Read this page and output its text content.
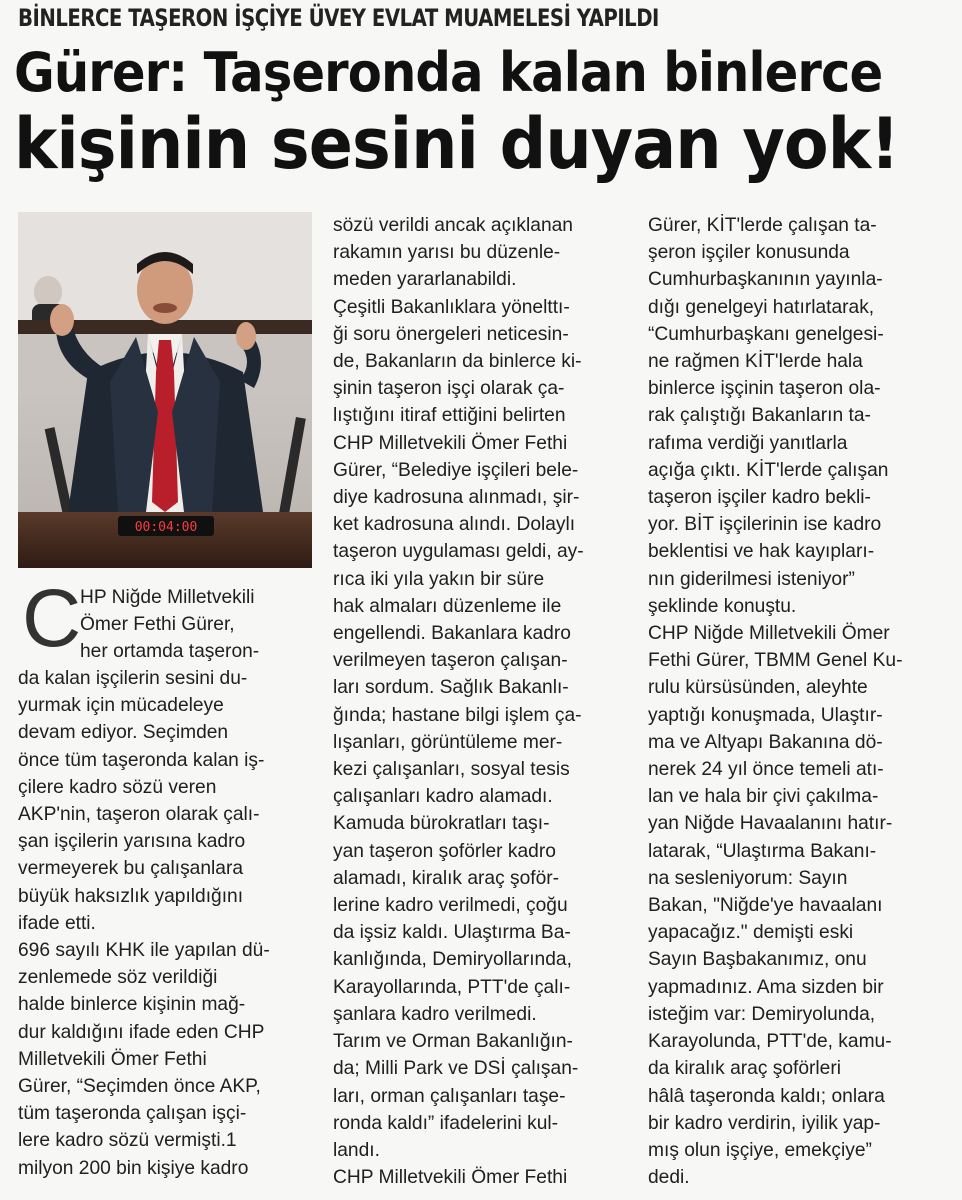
BİNLERCE TAŞERON İŞÇİYE ÜVEY EVLAT MUAMELESİ YAPILDI
Gürer: Taşeronda kalan binlerce
kişinin sesini duyan yok!
00:04:00
C
HP Niğde Milletvekili
Ömer Fethi Gürer,
her ortamda taşeron-
da kalan işçilerin sesini du-
yurmak için mücadeleye
devam ediyor. Seçimden
önce tüm taşeronda kalan iş-
çilere kadro sözü veren
AKP'nin, taşeron olarak çalı-
şan işçilerin yarısına kadro
vermeyerek bu çalışanlara
büyük haksızlık yapıldığını
ifade etti.
696 sayılı KHK ile yapılan dü-
zenlemede söz verildiği
halde binlerce kişinin mağ-
dur kaldığını ifade eden CHP
Milletvekili Ömer Fethi
Gürer, “Seçimden önce AKP,
tüm taşeronda çalışan işçi-
lere kadro sözü vermişti.1
milyon 200 bin kişiye kadro
sözü verildi ancak açıklanan
rakamın yarısı bu düzenle-
meden yararlanabildi.
Çeşitli Bakanlıklara yönelttı-
ği soru önergeleri neticesin-
de, Bakanların da binlerce ki-
şinin taşeron işçi olarak ça-
lıştığını itiraf ettiğini belirten
CHP Milletvekili Ömer Fethi
Gürer, “Belediye işçileri bele-
diye kadrosuna alınmadı, şir-
ket kadrosuna alındı. Dolaylı
taşeron uygulaması geldi, ay-
rıca iki yıla yakın bir süre
hak almaları düzenleme ile
engellendi. Bakanlara kadro
verilmeyen taşeron çalışan-
ları sordum. Sağlık Bakanlı-
ğında; hastane bilgi işlem ça-
lışanları, görüntüleme mer-
kezi çalışanları, sosyal tesis
çalışanları kadro alamadı.
Kamuda bürokratları taşı-
yan taşeron şoförler kadro
alamadı, kiralık araç şoför-
lerine kadro verilmedi, çoğu
da işsiz kaldı. Ulaştırma Ba-
kanlığında, Demiryollarında,
Karayollarında, PTT'de çalı-
şanlara kadro verilmedi.
Tarım ve Orman Bakanlığın-
da; Milli Park ve DSİ çalışan-
ları, orman çalışanları taşe-
ronda kaldı” ifadelerini kul-
landı.
CHP Milletvekili Ömer Fethi
Gürer, KİT'lerde çalışan ta-
şeron işçiler konusunda
Cumhurbaşkanının yayınla-
dığı genelgeyi hatırlatarak,
“Cumhurbaşkanı genelgesi-
ne rağmen KİT'lerde hala
binlerce işçinin taşeron ola-
rak çalıştığı Bakanların ta-
rafıma verdiği yanıtlarla
açığa çıktı. KİT'lerde çalışan
taşeron işçiler kadro bekli-
yor. BİT işçilerinin ise kadro
beklentisi ve hak kayıpları-
nın giderilmesi isteniyor”
şeklinde konuştu.
CHP Niğde Milletvekili Ömer
Fethi Gürer, TBMM Genel Ku-
rulu kürsüsünden, aleyhte
yaptığı konuşmada, Ulaştır-
ma ve Altyapı Bakanına dö-
nerek 24 yıl önce temeli atı-
lan ve hala bir çivi çakılma-
yan Niğde Havaalanını hatır-
latarak, “Ulaştırma Bakanı-
na sesleniyorum: Sayın
Bakan, "Niğde'ye havaalanı
yapacağız." demişti eski
Sayın Başbakanımız, onu
yapmadınız. Ama sizden bir
isteğim var: Demiryolunda,
Karayolunda, PTT'de, kamu-
da kiralık araç şoförleri
hâlâ taşeronda kaldı; onlara
bir kadro verdirin, iyilik yap-
mış olun işçiye, emekçiye”
dedi.
